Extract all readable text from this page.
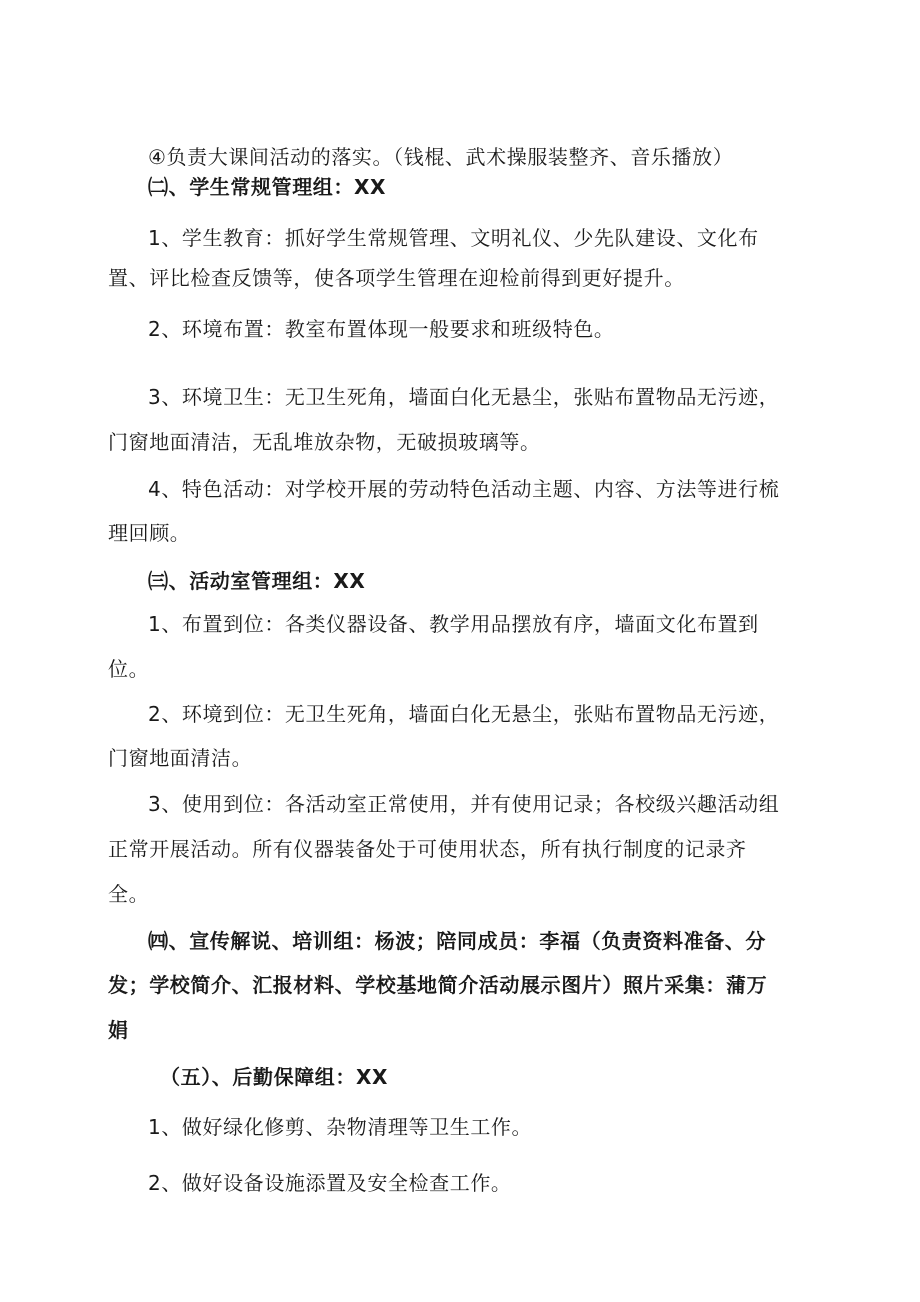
④负责大课间活动的落实。（钱棍、武术操服装整齐、音乐播放）
㈡、学生常规管理组：XX
1、学生教育：抓好学生常规管理、文明礼仪、少先队建设、文化布
置、评比检查反馈等，使各项学生管理在迎检前得到更好提升。
2、环境布置：教室布置体现一般要求和班级特色。
3、环境卫生：无卫生死角，墙面白化无悬尘，张贴布置物品无污迹，
门窗地面清洁，无乱堆放杂物，无破损玻璃等。
4、特色活动：对学校开展的劳动特色活动主题、内容、方法等进行梳
理回顾。
㈢、活动室管理组：XX
1、布置到位：各类仪器设备、教学用品摆放有序，墙面文化布置到
位。
2、环境到位：无卫生死角，墙面白化无悬尘，张贴布置物品无污迹，
门窗地面清洁。
3、使用到位：各活动室正常使用，并有使用记录；各校级兴趣活动组
正常开展活动。所有仪器装备处于可使用状态，所有执行制度的记录齐
全。
㈣、宣传解说、培训组：杨波；陪同成员：李福（负责资料准备、分
发；学校简介、汇报材料、学校基地简介活动展示图片）照片采集：蒲万
娟
（五）、后勤保障组：XX
1、做好绿化修剪、杂物清理等卫生工作。
2、做好设备设施添置及安全检查工作。
